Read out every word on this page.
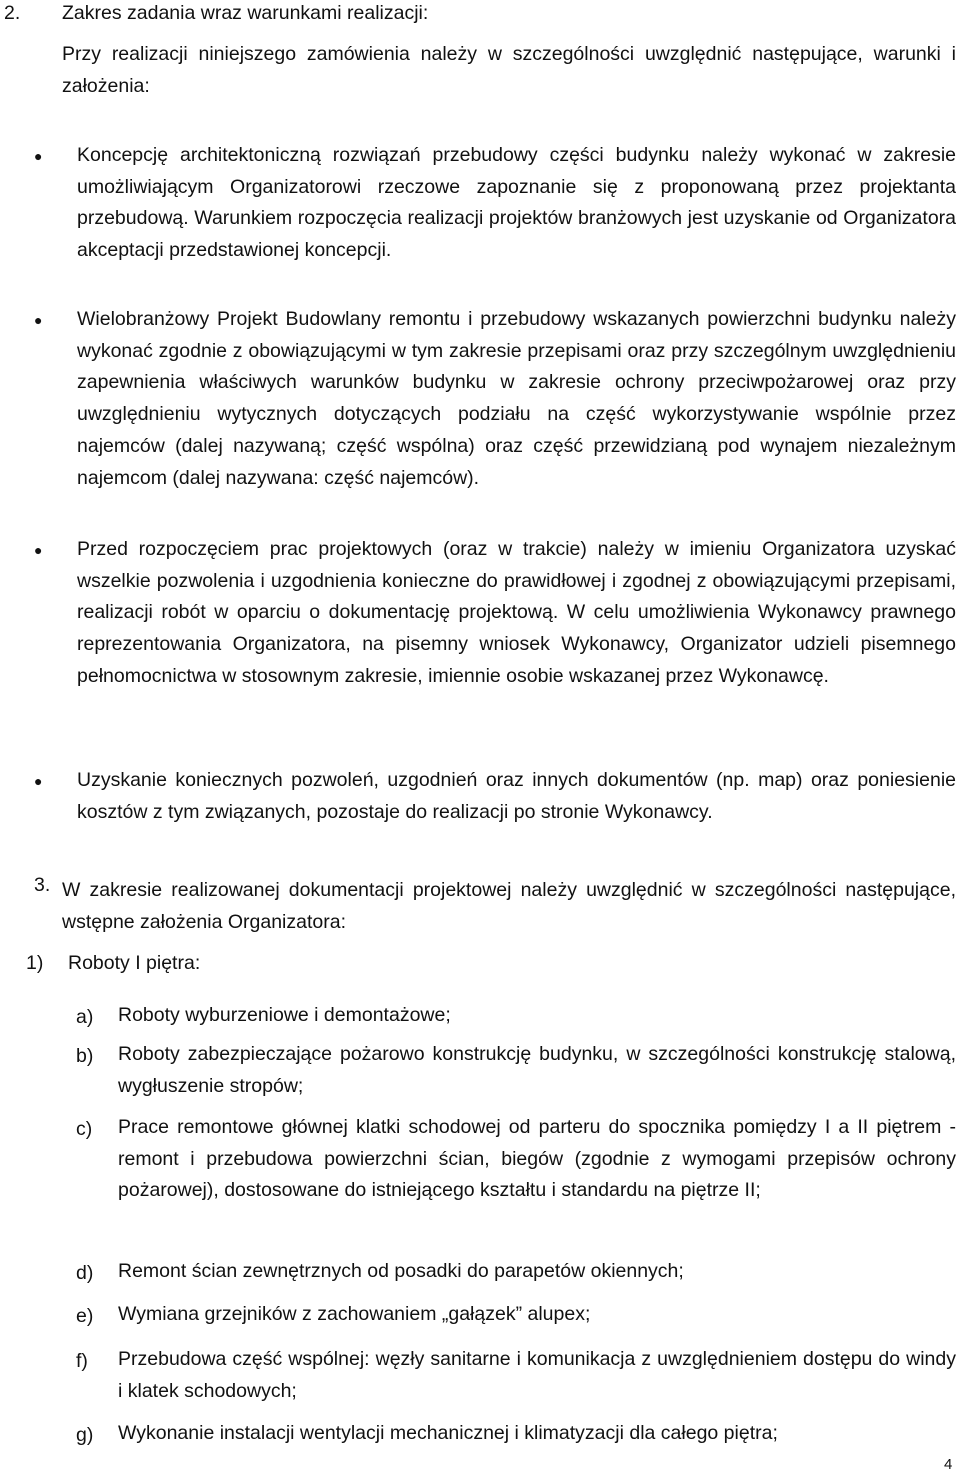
2. Zakres zadania wraz warunkami realizacji:
Przy realizacji niniejszego zamówienia należy w szczególności uwzględnić następujące, warunki i założenia:
● Koncepcję architektoniczną rozwiązań przebudowy części budynku należy wykonać w zakresie umożliwiającym Organizatorowi rzeczowe zapoznanie się z proponowaną przez projektanta przebudową. Warunkiem rozpoczęcia realizacji projektów branżowych jest uzyskanie od Organizatora akceptacji przedstawionej koncepcji.
● Wielobranżowy Projekt Budowlany remontu i przebudowy wskazanych powierzchni budynku należy wykonać zgodnie z obowiązującymi w tym zakresie przepisami oraz przy szczególnym uwzględnieniu zapewnienia właściwych warunków budynku w zakresie ochrony przeciwpożarowej oraz przy uwzględnieniu wytycznych dotyczących podziału na część wykorzystywanie wspólnie przez najemców (dalej nazywaną; część wspólna) oraz część przewidzianą pod wynajem niezależnym najemcom (dalej nazywana: część najemców).
● Przed rozpoczęciem prac projektowych (oraz w trakcie) należy w imieniu Organizatora uzyskać wszelkie pozwolenia i uzgodnienia konieczne do prawidłowej i zgodnej z obowiązującymi przepisami, realizacji robót w oparciu o dokumentację projektową. W celu umożliwienia Wykonawcy prawnego reprezentowania Organizatora, na pisemny wniosek Wykonawcy, Organizator udzieli pisemnego pełnomocnictwa w stosownym zakresie, imiennie osobie wskazanej przez Wykonawcę.
● Uzyskanie koniecznych pozwoleń, uzgodnień oraz innych dokumentów (np. map) oraz poniesienie kosztów z tym związanych, pozostaje do realizacji po stronie Wykonawcy.
3. W zakresie realizowanej dokumentacji projektowej należy uwzględnić w szczególności następujące, wstępne założenia Organizatora:
1) Roboty I piętra:
a) Roboty wyburzeniowe i demontażowe;
b) Roboty zabezpieczające pożarowo konstrukcję budynku, w szczególności konstrukcję stalową, wygłuszenie stropów;
c) Prace remontowe głównej klatki schodowej od parteru do spocznika pomiędzy I a II piętrem - remont i przebudowa powierzchni ścian, biegów (zgodnie z wymogami przepisów ochrony pożarowej), dostosowane do istniejącego kształtu i standardu na piętrze II;
d) Remont ścian zewnętrznych od posadki do parapetów okiennych;
e) Wymiana grzejników z zachowaniem „gałązek” alupex;
f) Przebudowa część wspólnej: węzły sanitarne i komunikacja z uwzględnieniem dostępu do windy i klatek schodowych;
g) Wykonanie instalacji wentylacji mechanicznej i klimatyzacji dla całego piętra;
4
